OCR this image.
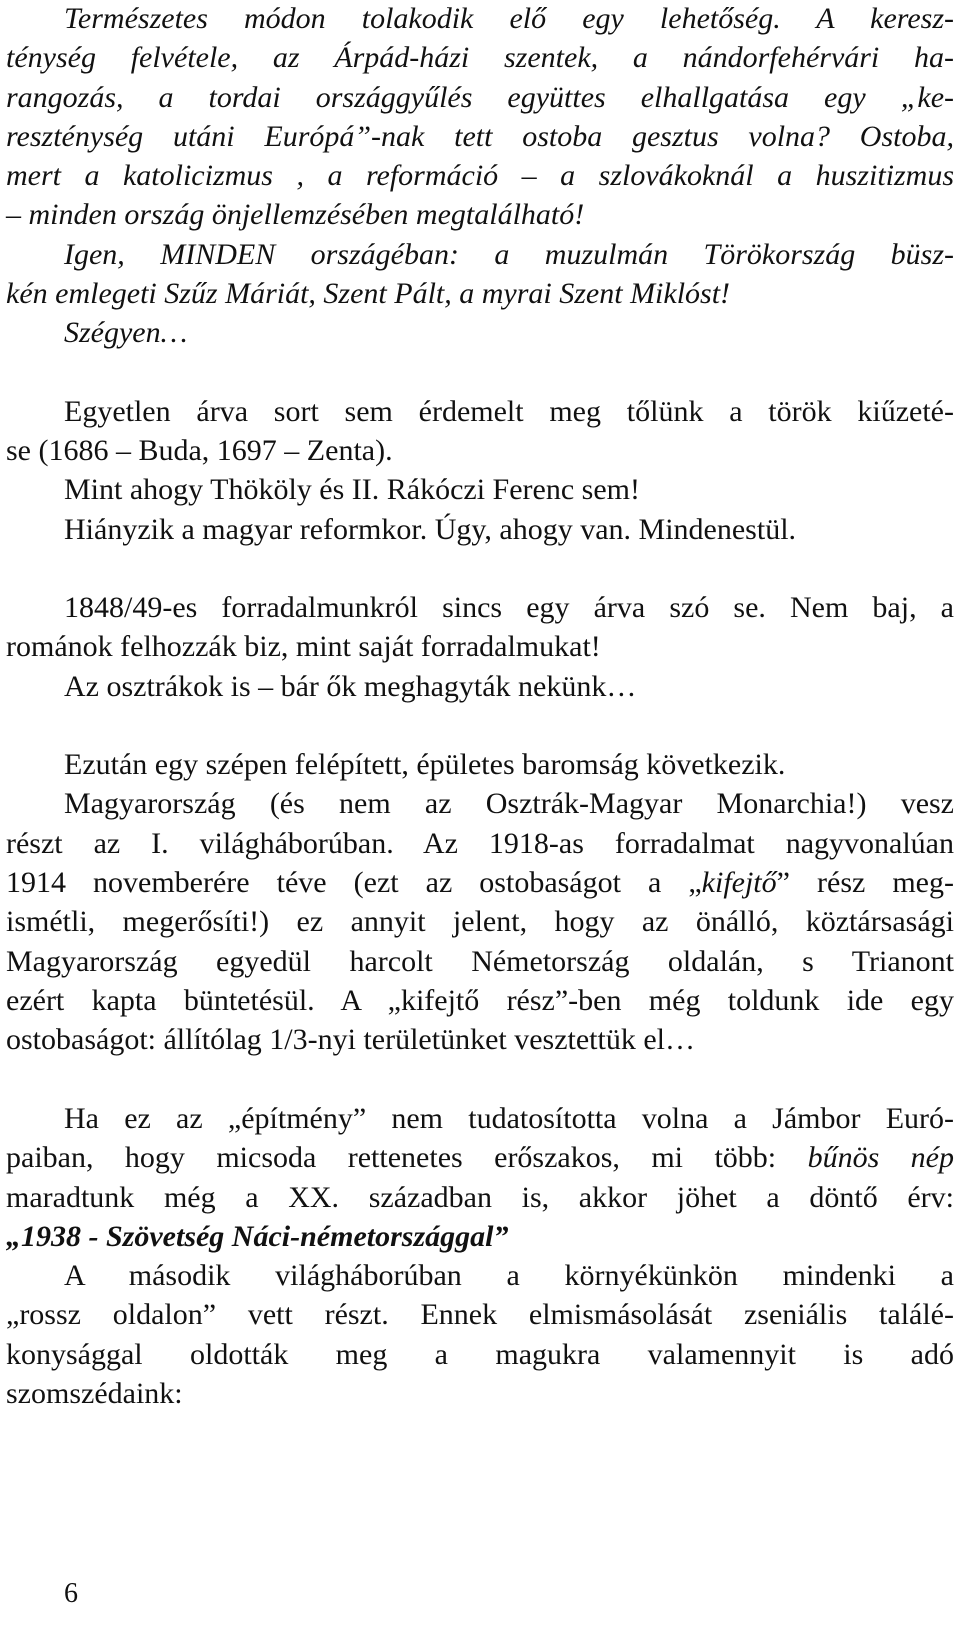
Természetes módon tolakodik elő egy lehetőség. A keresz-
ténység felvétele, az Árpád-házi szentek, a nándorfehérvári ha-
rangozás, a tordai országgyűlés együttes elhallgatása egy „ke-
reszténység utáni Európá”-nak tett ostoba gesztus volna? Ostoba,
mert a katolicizmus , a reformáció – a szlovákoknál a huszitizmus
– minden ország önjellemzésében megtalálható!
Igen, MINDEN országéban: a muzulmán Törökország büsz-
kén emlegeti Szűz Máriát, Szent Pált, a myrai Szent Miklóst!
Szégyen…
Egyetlen árva sort sem érdemelt meg tőlünk a török kiűzeté-
se (1686 – Buda, 1697 – Zenta).
Mint ahogy Thököly és II. Rákóczi Ferenc sem!
Hiányzik a magyar reformkor. Úgy, ahogy van. Mindenestül.
1848/49-es forradalmunkról sincs egy árva szó se. Nem baj, a
románok felhozzák biz, mint saját forradalmukat!
Az osztrákok is – bár ők meghagyták nekünk…
Ezután egy szépen felépített, épületes baromság következik.
Magyarország (és nem az Osztrák-Magyar Monarchia!) vesz
részt az I. világháborúban. Az 1918-as forradalmat nagyvonalúan
1914 novemberére téve (ezt az ostobaságot a „kifejtő” rész meg-
ismétli, megerősíti!) ez annyit jelent, hogy az önálló, köztársasági
Magyarország egyedül harcolt Németország oldalán, s Trianont
ezért kapta büntetésül. A „kifejtő rész”-ben még toldunk ide egy
ostobaságot: állítólag 1/3-nyi területünket vesztettük el…
Ha ez az „építmény” nem tudatosította volna a Jámbor Euró-
paiban, hogy micsoda rettenetes erőszakos, mi több: bűnös nép
maradtunk még a XX. században is, akkor jöhet a döntő érv:
„1938 - Szövetség Náci-németországgal”
A második világháborúban a környékünkön mindenki a
„rossz oldalon” vett részt. Ennek elmismásolását zseniális találé-
konysággal oldották meg a magukra valamennyit is adó
szomszédaink:
6
